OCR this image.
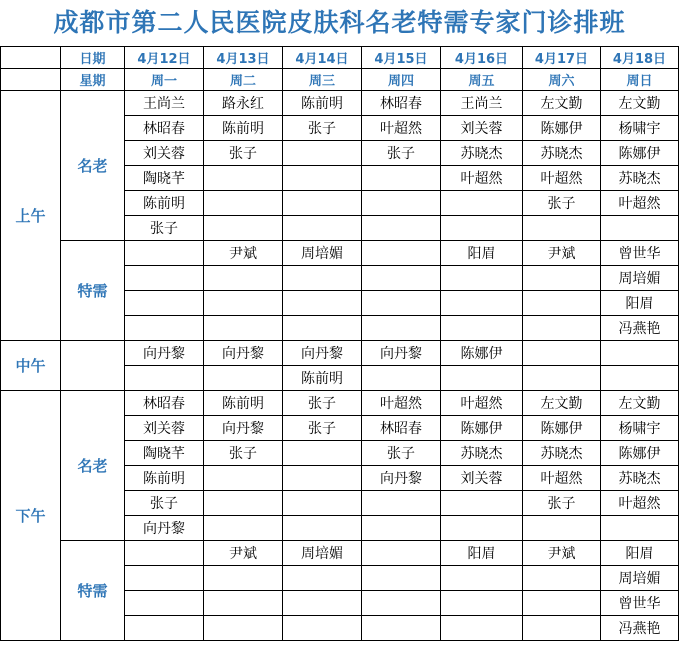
成都市第二人民医院皮肤科名老特需专家门诊排班
	日期	4月12日	4月13日	4月14日	4月15日	4月16日	4月17日	4月18日
	星期	周一	周二	周三	周四	周五	周六	周日
上午	名老	王尚兰	路永红	陈前明	林昭春	王尚兰	左文勤	左文勤
		林昭春	陈前明	张子	叶超然	刘关蓉	陈娜伊	杨啸宇
		刘关蓉	张子		张子	苏晓杰	苏晓杰	陈娜伊
		陶晓芊				叶超然	叶超然	苏晓杰
		陈前明					张子	叶超然
		张子						
	特需		尹斌	周培媚		阳眉	尹斌	曾世华
								周培媚
								阳眉
								冯燕艳
中午		向丹黎	向丹黎	向丹黎	向丹黎	陈娜伊		
				陈前明				
下午	名老	林昭春	陈前明	张子	叶超然	叶超然	左文勤	左文勤
		刘关蓉	向丹黎	张子	林昭春	陈娜伊	陈娜伊	杨啸宇
		陶晓芊	张子		张子	苏晓杰	苏晓杰	陈娜伊
		陈前明			向丹黎	刘关蓉	叶超然	苏晓杰
		张子					张子	叶超然
		向丹黎						
	特需		尹斌	周培媚		阳眉	尹斌	阳眉
								周培媚
								曾世华
								冯燕艳
